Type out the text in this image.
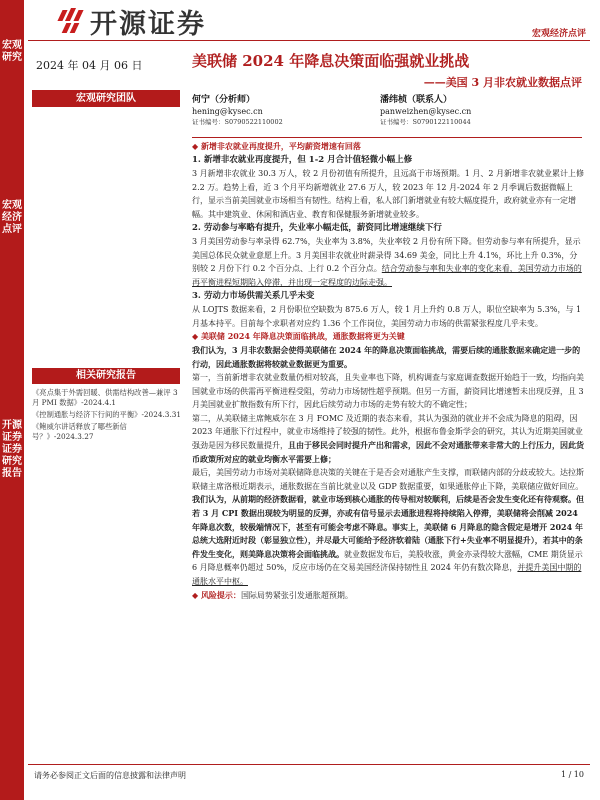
宏观研究
宏观经济点评
开源证券 证券研究报告
开源证券	宏观经济点评
2024 年 04 月 06 日	美联储 2024 年降息决策面临强就业挑战
——美国 3 月非农就业数据点评
宏观研究团队	何宁（分析师）
hening@kysec.cn
证书编号：S0790522110002
潘纬桢（联系人）
panweizhen@kysec.cn
证书编号：S0790122110044
相关研究报告
《亮点集于外需回暖、供需结构改善—兼评 3 月 PMI 数据》-2024.4.1
《控制通胀与经济下行间的平衡》-2024.3.31
《鲍威尔讲话释放了哪些新信号？》-2024.3.27
◆ 新增非农就业再度提升，平均薪资增速有回落
1. 新增非农就业再度提升，但 1-2 月合计值轻微小幅上修
3 月新增非农就业 30.3 万人，较 2 月份初值有所提升，且远高于市场预期。1 月、2 月新增非农就业累计上修 2.2 万。趋势上看，近 3 个月平均新增就业 27.6 万人，较 2023 年 12 月-2024 年 2 月季调后数据微幅上行，显示当前美国就业市场相当有韧性。结构上看，私人部门新增就业有较大幅度提升，政府就业亦有一定增幅。其中建筑业、休闲和酒店业、教育和保健服务新增就业较多。
2. 劳动参与率略有提升，失业率小幅走低，薪资同比增速继续下行
3 月美国劳动参与率录得 62.7%，失业率为 3.8%，失业率较 2 月份有所下降。但劳动参与率有所提升，显示美国总体民众就业意愿上升。3 月美国非农就业时薪录得 34.69 美金，同比上升 4.1%，环比上升 0.3%，分别较 2 月份下行 0.2 个百分点、上行 0.2 个百分点。结合劳动参与率和失业率的变化来看，美国劳动力市场的再平衡进程短期陷入停滞，并出现一定程度的边际走强。
3. 劳动力市场供需关系几乎未变
从 LOJTS 数据来看，2 月份职位空缺数为 875.6 万人，较 1 月上升约 0.8 万人，职位空缺率为 5.3%，与 1 月基本持平。目前每个求职者对应约 1.36 个工作岗位，美国劳动力市场的供需紧张程度几乎未变。
◆ 美联储 2024 年降息决策面临挑战，通胀数据将更为关键
我们认为，3 月非农数据会使得美联储在 2024 年的降息决策面临挑战，需要后续的通胀数据来确定进一步的行动，因此通胀数据将较就业数据更为重要。
第一，当前新增非农就业数量仍相对较高，且失业率也下降，机构调查与家庭调查数据开始趋于一致，均指向美国就业市场的供需再平衡进程受阻，劳动力市场韧性超乎预期。但另一方面，薪资同比增速暂未出现反弹，且 3 月美国就业扩散指数有所下行，因此后续劳动力市场的走势有较大的不确定性；
第二，从美联储主席鲍威尔在 3 月 FOMC 及近期的表态来看，其认为强劲的就业并不会成为降息的阻碍，因 2023 年通胀下行过程中，就业市场维持了较强的韧性。此外，根据布鲁金斯学会的研究，其认为近期美国就业强劲是因为移民数量提升，且由于移民会同时提升产出和需求，因此不会对通胀带来非常大的上行压力，因此货币政策所对应的就业均衡水平需要上修；
最后，美国劳动力市场对美联储降息决策的关键在于是否会对通胀产生支撑，而联储内部的分歧或较大。达拉斯联储主席洛根近期表示，通胀数据在当前比就业以及 GDP 数据重要，如果通胀停止下降，美联储应做好回应。
我们认为，从前期的经济数据看，就业市场到核心通胀的传导相对较顺利，后续是否会发生变化还有待观察。但若 3 月 CPI 数据出现较为明显的反弹，亦或有信号显示去通胀进程将持续陷入停滞，美联储将会削减 2024 年降息次数，较极端情况下，甚至有可能会考虑不降息。事实上，美联储 6 月降息的隐含假定是增开 2024 年总统大选附近时段（彰显独立性），并尽最大可能给予经济软着陆（通胀下行+失业率不明显提升），若其中的条件发生变化，则美降息决策将会面临挑战。就业数据发布后，美股收涨，黄金亦录得较大涨幅，CME 期货显示 6 月降息概率仍超过 50%，反应市场仍在交易美国经济保持韧性且 2024 年仍有数次降息，并提升美国中期的通胀水平中枢。
◆ 风险提示：国际局势紧张引发通胀超预期。
请务必参阅正文后面的信息披露和法律声明	1 / 10
